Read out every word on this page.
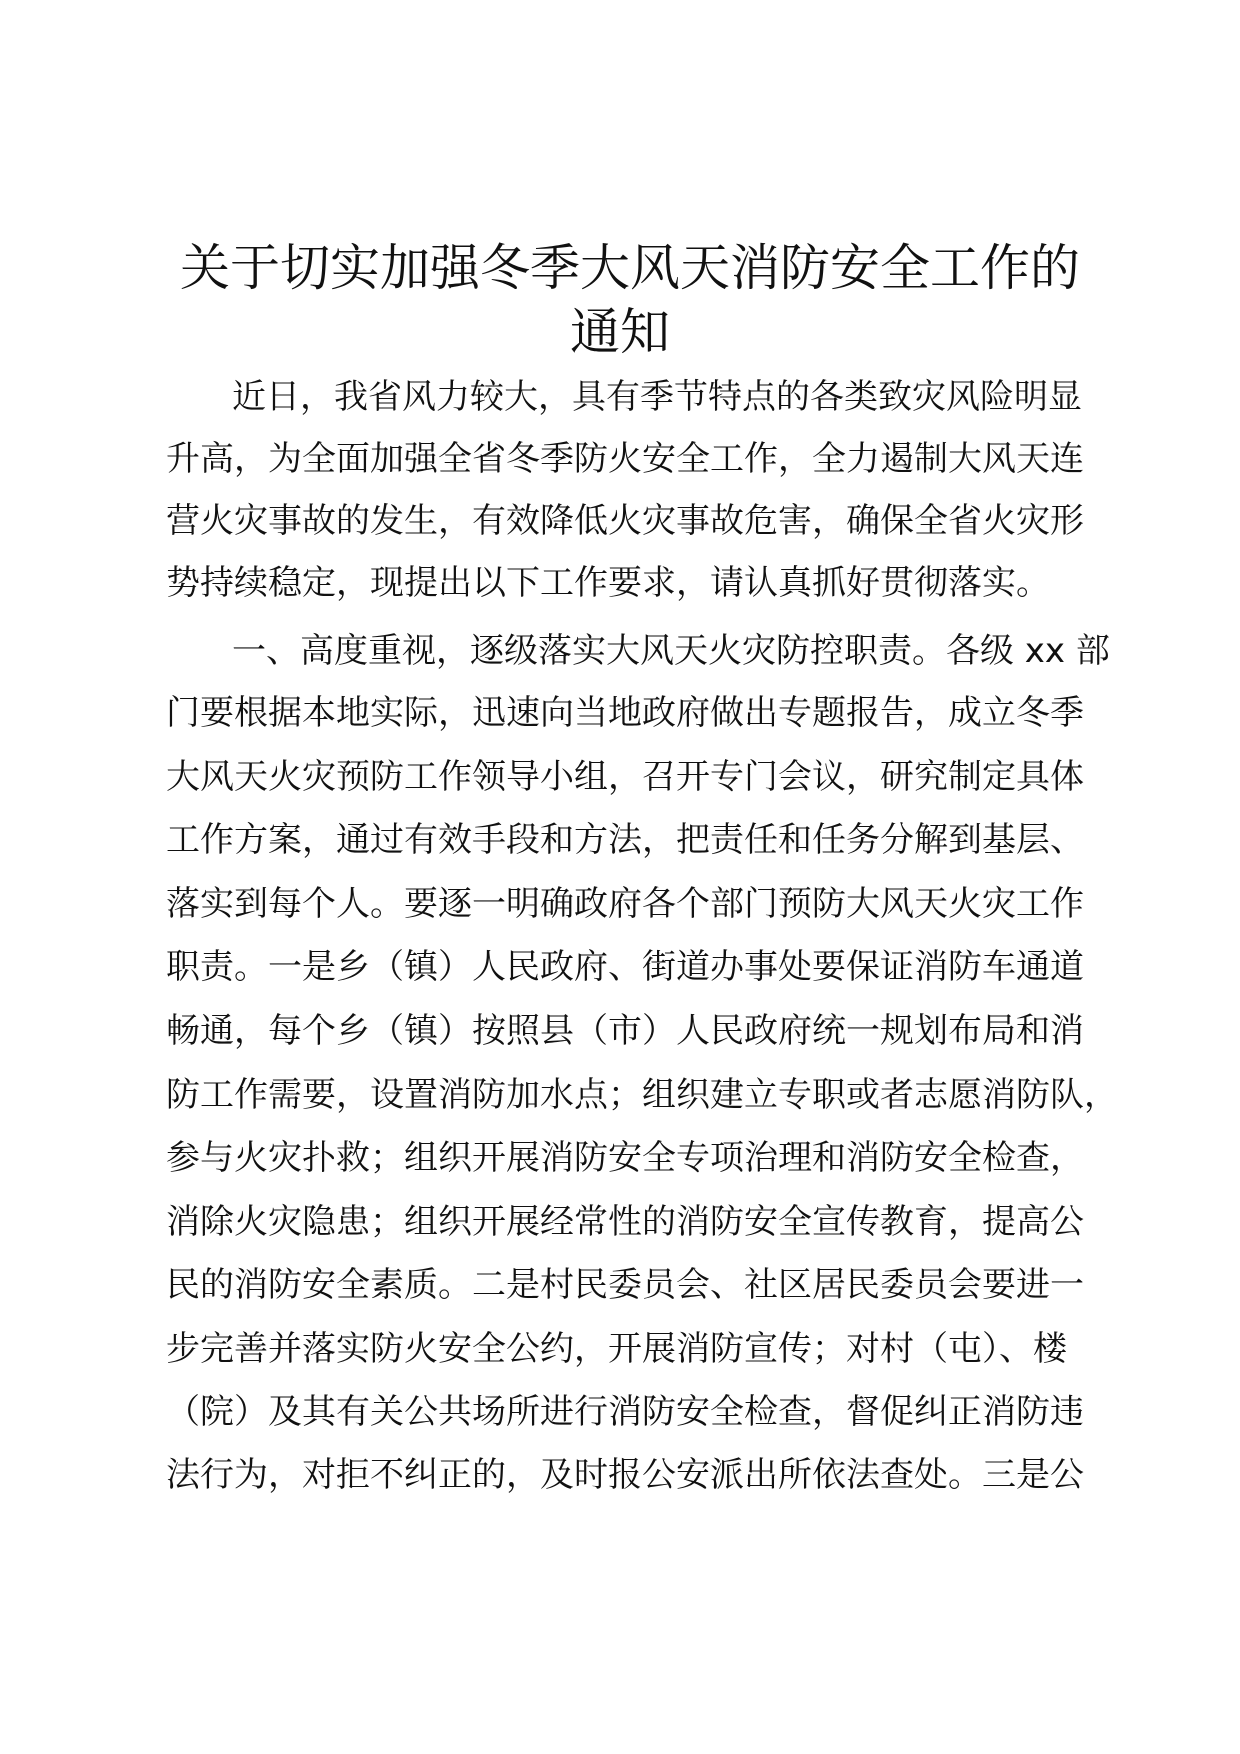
关于切实加强冬季大风天消防安全工作的
通知
近日，我省风力较大，具有季节特点的各类致灾风险明显
升高，为全面加强全省冬季防火安全工作，全力遏制大风天连
营火灾事故的发生，有效降低火灾事故危害，确保全省火灾形
势持续稳定，现提出以下工作要求，请认真抓好贯彻落实。
一、高度重视，逐级落实大风天火灾防控职责。各级 xx 部
门要根据本地实际，迅速向当地政府做出专题报告，成立冬季
大风天火灾预防工作领导小组，召开专门会议，研究制定具体
工作方案，通过有效手段和方法，把责任和任务分解到基层、
落实到每个人。要逐一明确政府各个部门预防大风天火灾工作
职责。一是乡（镇）人民政府、街道办事处要保证消防车通道
畅通，每个乡（镇）按照县（市）人民政府统一规划布局和消
防工作需要，设置消防加水点；组织建立专职或者志愿消防队，
参与火灾扑救；组织开展消防安全专项治理和消防安全检查，
消除火灾隐患；组织开展经常性的消防安全宣传教育，提高公
民的消防安全素质。二是村民委员会、社区居民委员会要进一
步完善并落实防火安全公约，开展消防宣传；对村（屯）、楼
（院）及其有关公共场所进行消防安全检查，督促纠正消防违
法行为，对拒不纠正的，及时报公安派出所依法查处。三是公
